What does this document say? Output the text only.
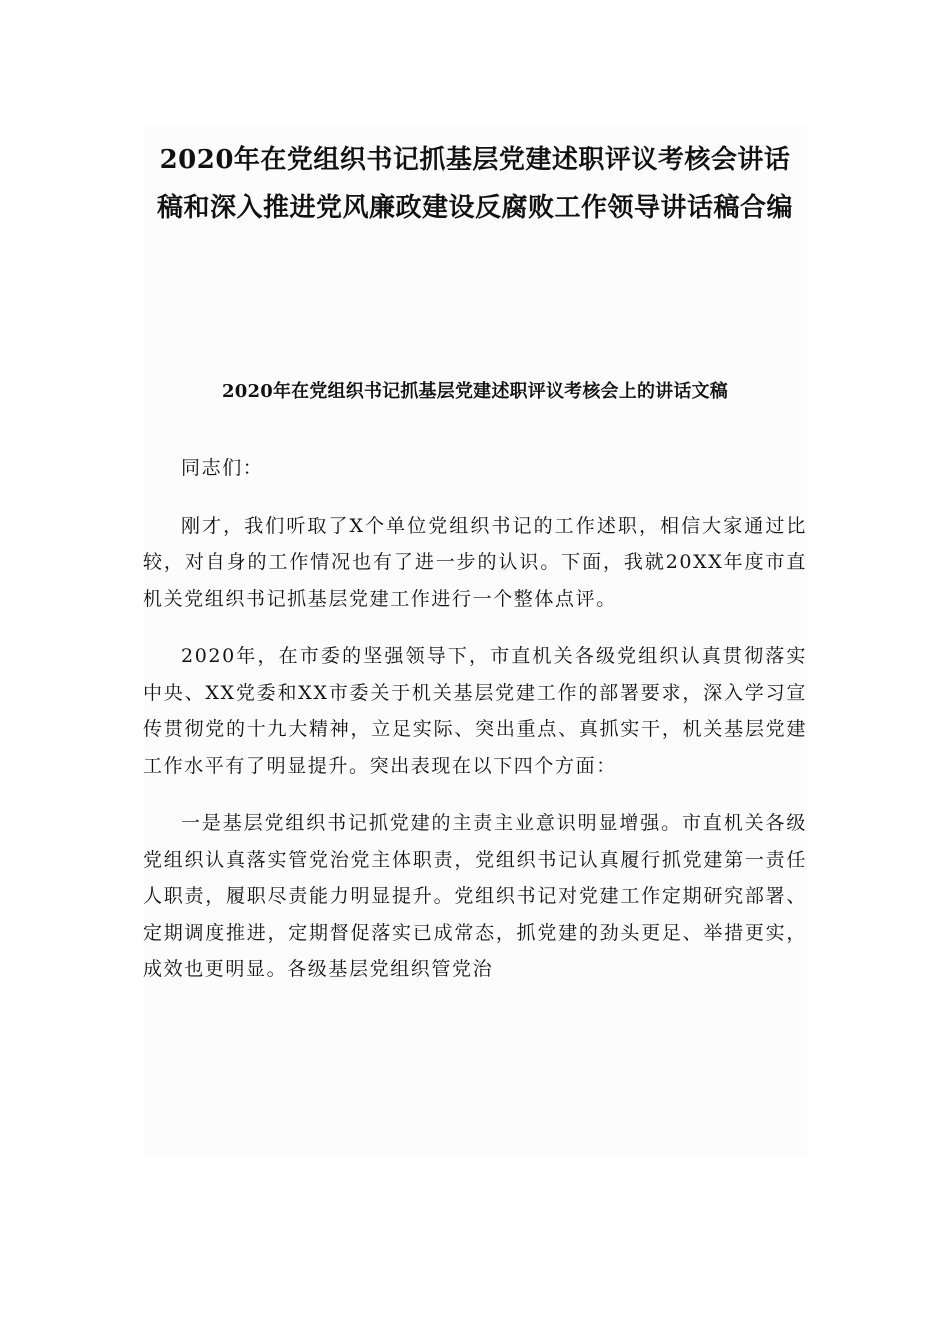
2020年在党组织书记抓基层党建述职评议考核会讲话稿和深入推进党风廉政建设反腐败工作领导讲话稿合编
2020年在党组织书记抓基层党建述职评议考核会上的讲话文稿

同志们：

刚才，我们听取了X个单位党组织书记的工作述职，相信大家通过比较，对自身的工作情况也有了进一步的认识。下面，我就20XX年度市直机关党组织书记抓基层党建工作进行一个整体点评。

2020年，在市委的坚强领导下，市直机关各级党组织认真贯彻落实中央、XX党委和XX市委关于机关基层党建工作的部署要求，深入学习宣传贯彻党的十九大精神，立足实际、突出重点、真抓实干，机关基层党建工作水平有了明显提升。突出表现在以下四个方面：

一是基层党组织书记抓党建的主责主业意识明显增强。市直机关各级党组织认真落实管党治党主体职责，党组织书记认真履行抓党建第一责任人职责，履职尽责能力明显提升。党组织书记对党建工作定期研究部署、定期调度推进，定期督促落实已成常态，抓党建的劲头更足、举措更实，成效也更明显。各级基层党组织管党治
